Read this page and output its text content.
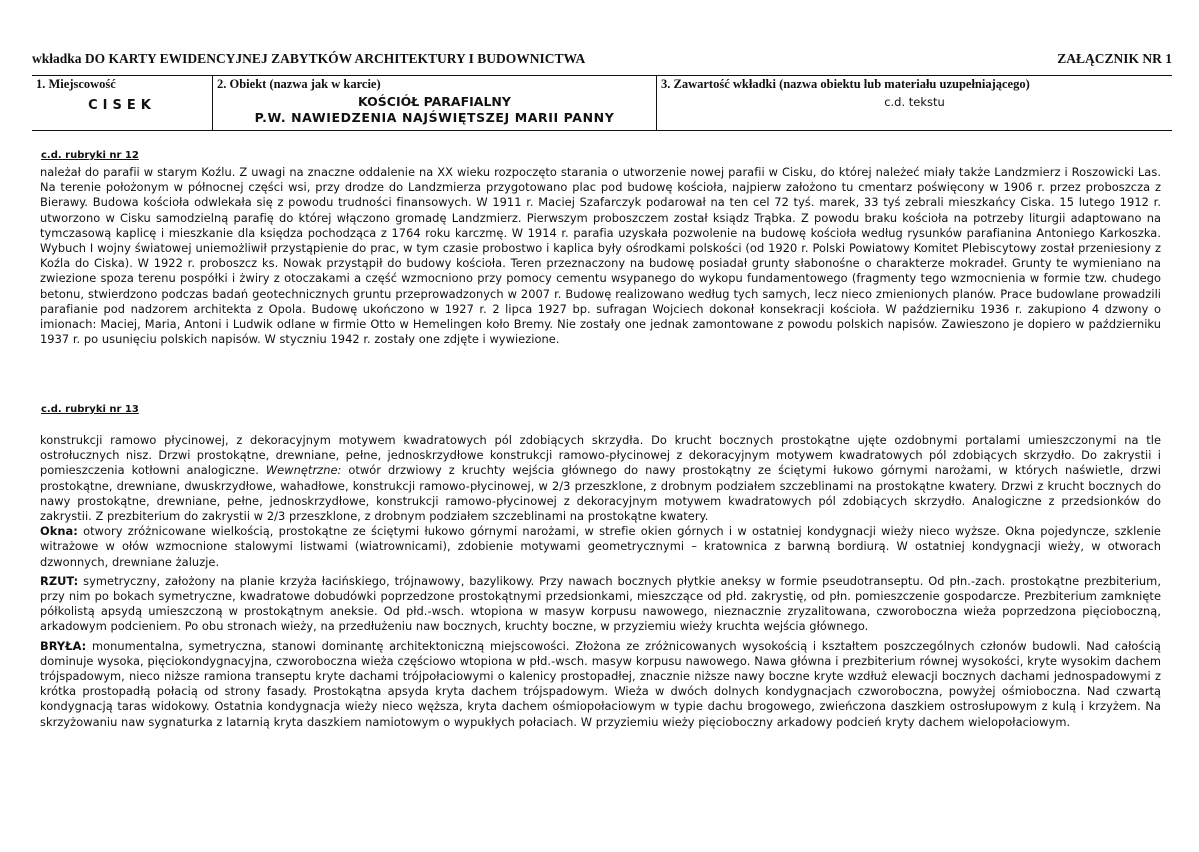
wkładka DO KARTY EWIDENCYJNEJ ZABYTKÓW ARCHITEKTURY I BUDOWNICTWA	ZAŁĄCZNIK NR 1
1. Miejscowość
CISEK

2. Obiekt (nazwa jak w karcie)
KOŚCIÓŁ PARAFIALNY
P.W. NAWIEDZENIA NAJŚWIĘTSZEJ MARII PANNY

3. Zawartość wkładki (nazwa obiektu lub materiału uzupełniającego)
c.d. tekstu
c.d. rubryki nr 12

należał do parafii w starym Koźlu. Z uwagi na znaczne oddalenie na XX wieku rozpoczęto starania o utworzenie nowej parafii w Cisku, do której należeć miały także Landzmierz i Roszowicki Las. Na terenie położonym w północnej części wsi, przy drodze do Landzmierza przygotowano plac pod budowę kościoła, najpierw założono tu cmentarz poświęcony w 1906 r. przez proboszcza z Bierawy. Budowa kościoła odwlekała się z powodu trudności finansowych. W 1911 r. Maciej Szafarczyk podarował na ten cel 72 tyś. marek, 33 tyś zebrali mieszkańcy Ciska. 15 lutego 1912 r. utworzono w Cisku samodzielną parafię do której włączono gromadę Landzmierz. Pierwszym proboszczem został ksiądz Trąbka. Z powodu braku kościoła na potrzeby liturgii adaptowano na tymczasową kaplicę i mieszkanie dla księdza pochodząca z 1764 roku karczmę. W 1914 r. parafia uzyskała pozwolenie na budowę kościoła według rysunków parafianina Antoniego Karkoszka. Wybuch I wojny światowej uniemożliwił przystąpienie do prac, w tym czasie probostwo i kaplica były ośrodkami polskości (od 1920 r. Polski Powiatowy Komitet Plebiscytowy został przeniesiony z Koźla do Ciska). W 1922 r. proboszcz ks. Nowak przystąpił do budowy kościoła. Teren przeznaczony na budowę posiadał grunty słabonośne o charakterze mokradeł. Grunty te wymieniano na zwiezione spoza terenu pospółki i żwiry z otoczakami a część wzmocniono przy pomocy cementu wsypanego do wykopu fundamentowego (fragmenty tego wzmocnienia w formie tzw. chudego betonu, stwierdzono podczas badań geotechnicznych gruntu przeprowadzonych w 2007 r. Budowę realizowano według tych samych, lecz nieco zmienionych planów. Prace budowlane prowadzili parafianie pod nadzorem architekta z Opola. Budowę ukończono w 1927 r. 2 lipca 1927 bp. sufragan Wojciech dokonał konsekracji kościoła. W październiku 1936 r. zakupiono 4 dzwony o imionach: Maciej, Maria, Antoni i Ludwik odlane w firmie Otto w Hemelingen koło Bremy. Nie zostały one jednak zamontowane z powodu polskich napisów. Zawieszono je dopiero w październiku 1937 r. po usunięciu polskich napisów. W styczniu 1942 r. zostały one zdjęte i wywiezione.

c.d. rubryki nr 13

konstrukcji ramowo płycinowej, z dekoracyjnym motywem kwadratowych pól zdobiących skrzydła. Do krucht bocznych prostokątne ujęte ozdobnymi portalami umieszczonymi na tle ostrołucznych nisz. Drzwi prostokątne, drewniane, pełne, jednoskrzydłowe konstrukcji ramowo-płycinowej z dekoracyjnym motywem kwadratowych pól zdobiących skrzydło. Do zakrystii i pomieszczenia kotłowni analogiczne. Wewnętrzne: otwór drzwiowy z kruchty wejścia głównego do nawy prostokątny ze ściętymi łukowo górnymi narożami, w których naświetle, drzwi prostokątne, drewniane, dwuskrzydłowe, wahadłowe, konstrukcji ramowo-płycinowej, w 2/3 przeszklone, z drobnym podziałem szczeblinami na prostokątne kwatery. Drzwi z krucht bocznych do nawy prostokątne, drewniane, pełne, jednoskrzydłowe, konstrukcji ramowo-płycinowej z dekoracyjnym motywem kwadratowych pól zdobiących skrzydło. Analogiczne z przedsionków do zakrystii. Z prezbiterium do zakrystii w 2/3 przeszklone, z drobnym podziałem szczeblinami na prostokątne kwatery.

Okna: otwory zróżnicowane wielkością, prostokątne ze ściętymi łukowo górnymi narożami, w strefie okien górnych i w ostatniej kondygnacji wieży nieco wyższe. Okna pojedyncze, szklenie witrażowe w ołów wzmocnione stalowymi listwami (wiatrownicami), zdobienie motywami geometrycznymi – kratownica z barwną bordiurą. W ostatniej kondygnacji wieży, w otworach dzwonnych, drewniane żaluzje.

RZUT: symetryczny, założony na planie krzyża łacińskiego, trójnawowy, bazylikowy. Przy nawach bocznych płytkie aneksy w formie pseudotranseptu. Od płn.-zach. prostokątne prezbiterium, przy nim po bokach symetryczne, kwadratowe dobudówki poprzedzone prostokątnymi przedsionkami, mieszczące od płd. zakrystię, od płn. pomieszczenie gospodarcze. Prezbiterium zamknięte półkolistą apsydą umieszczoną w prostokątnym aneksie. Od płd.-wsch. wtopiona w masyw korpusu nawowego, nieznacznie zryzalitowana, czworoboczna wieża poprzedzona pięcioboczną, arkadowym podcieniem. Po obu stronach wieży, na przedłużeniu naw bocznych, kruchty boczne, w przyziemiu wieży kruchta wejścia głównego.

BRYŁA: monumentalna, symetryczna, stanowi dominantę architektoniczną miejscowości. Złożona ze zróżnicowanych wysokością i kształtem poszczególnych członów budowli. Nad całością dominuje wysoka, pięciokondygnacyjna, czworoboczna wieża częściowo wtopiona w płd.-wsch. masyw korpusu nawowego. Nawa główna i prezbiterium równej wysokości, kryte wysokim dachem trójspadowym, nieco niższe ramiona transeptu kryte dachami trójpołaciowymi o kalenicy prostopadłej, znacznie niższe nawy boczne kryte wzdłuż elewacji bocznych dachami jednospadowymi z krótka prostopadłą połacią od strony fasady. Prostokątna apsyda kryta dachem trójspadowym. Wieża w dwóch dolnych kondygnacjach czworoboczna, powyżej ośmioboczna. Nad czwartą kondygnacją taras widokowy. Ostatnia kondygnacja wieży nieco węższa, kryta dachem ośmiopołaciowym w typie dachu brogowego, zwieńczona daszkiem ostrosłupowym z kulą i krzyżem. Na skrzyżowaniu naw sygnaturka z latarnią kryta daszkiem namiotowym o wypukłych połaciach. W przyziemiu wieży pięcioboczny arkadowy podcień kryty dachem wielopołaciowym.
